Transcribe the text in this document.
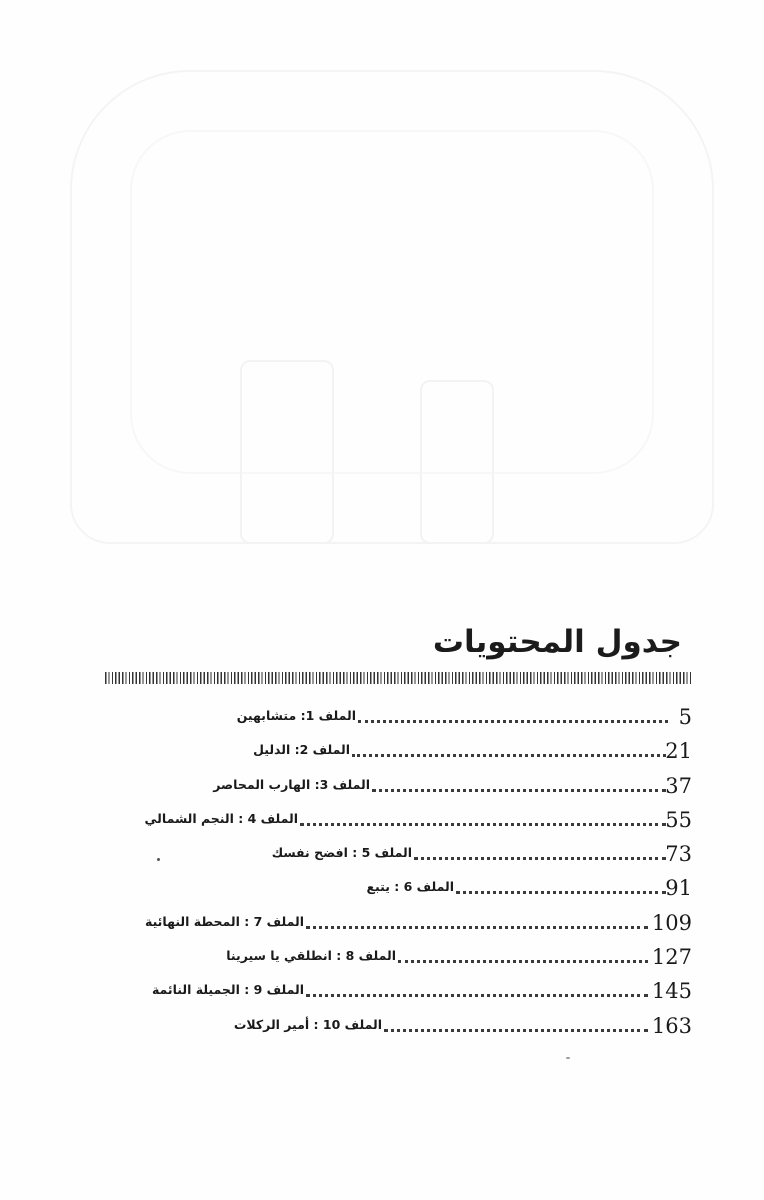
جدول المحتويات
5
الملف 1: متشابهين
21
الملف 2: الدليل
37
الملف 3: الهارب المحاصر
55
الملف 4 : النجم الشمالي
73
الملف 5 : افضح نفسك
91
الملف 6 : يتبع
109
الملف 7 : المحطة النهائية
127
الملف 8 : انطلقي يا سيرينا
145
الملف 9 : الجميلة النائمة
163
الملف 10 : أمير الركلات
